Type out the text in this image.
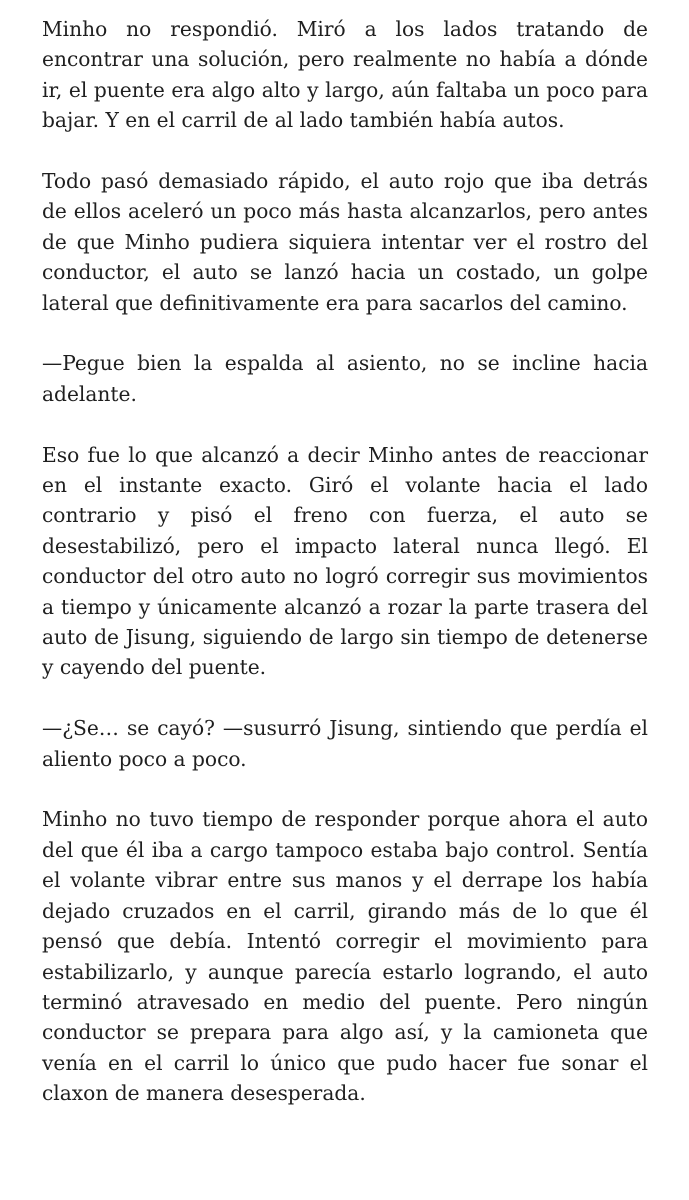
Minho no respondió. Miró a los lados tratando de encontrar una solución, pero realmente no había a dónde ir, el puente era algo alto y largo, aún faltaba un poco para bajar. Y en el carril de al lado también había autos.

Todo pasó demasiado rápido, el auto rojo que iba detrás de ellos aceleró un poco más hasta alcanzarlos, pero antes de que Minho pudiera siquiera intentar ver el rostro del conductor, el auto se lanzó hacia un costado, un golpe lateral que definitivamente era para sacarlos del camino.

—Pegue bien la espalda al asiento, no se incline hacia adelante.

Eso fue lo que alcanzó a decir Minho antes de reaccionar en el instante exacto. Giró el volante hacia el lado contrario y pisó el freno con fuerza, el auto se desestabilizó, pero el impacto lateral nunca llegó. El conductor del otro auto no logró corregir sus movimientos a tiempo y únicamente alcanzó a rozar la parte trasera del auto de Jisung, siguiendo de largo sin tiempo de detenerse y cayendo del puente.

—¿Se… se cayó? —susurró Jisung, sintiendo que perdía el aliento poco a poco.

Minho no tuvo tiempo de responder porque ahora el auto del que él iba a cargo tampoco estaba bajo control. Sentía el volante vibrar entre sus manos y el derrape los había dejado cruzados en el carril, girando más de lo que él pensó que debía. Intentó corregir el movimiento para estabilizarlo, y aunque parecía estarlo logrando, el auto terminó atravesado en medio del puente. Pero ningún conductor se prepara para algo así, y la camioneta que venía en el carril lo único que pudo hacer fue sonar el claxon de manera desesperada.
